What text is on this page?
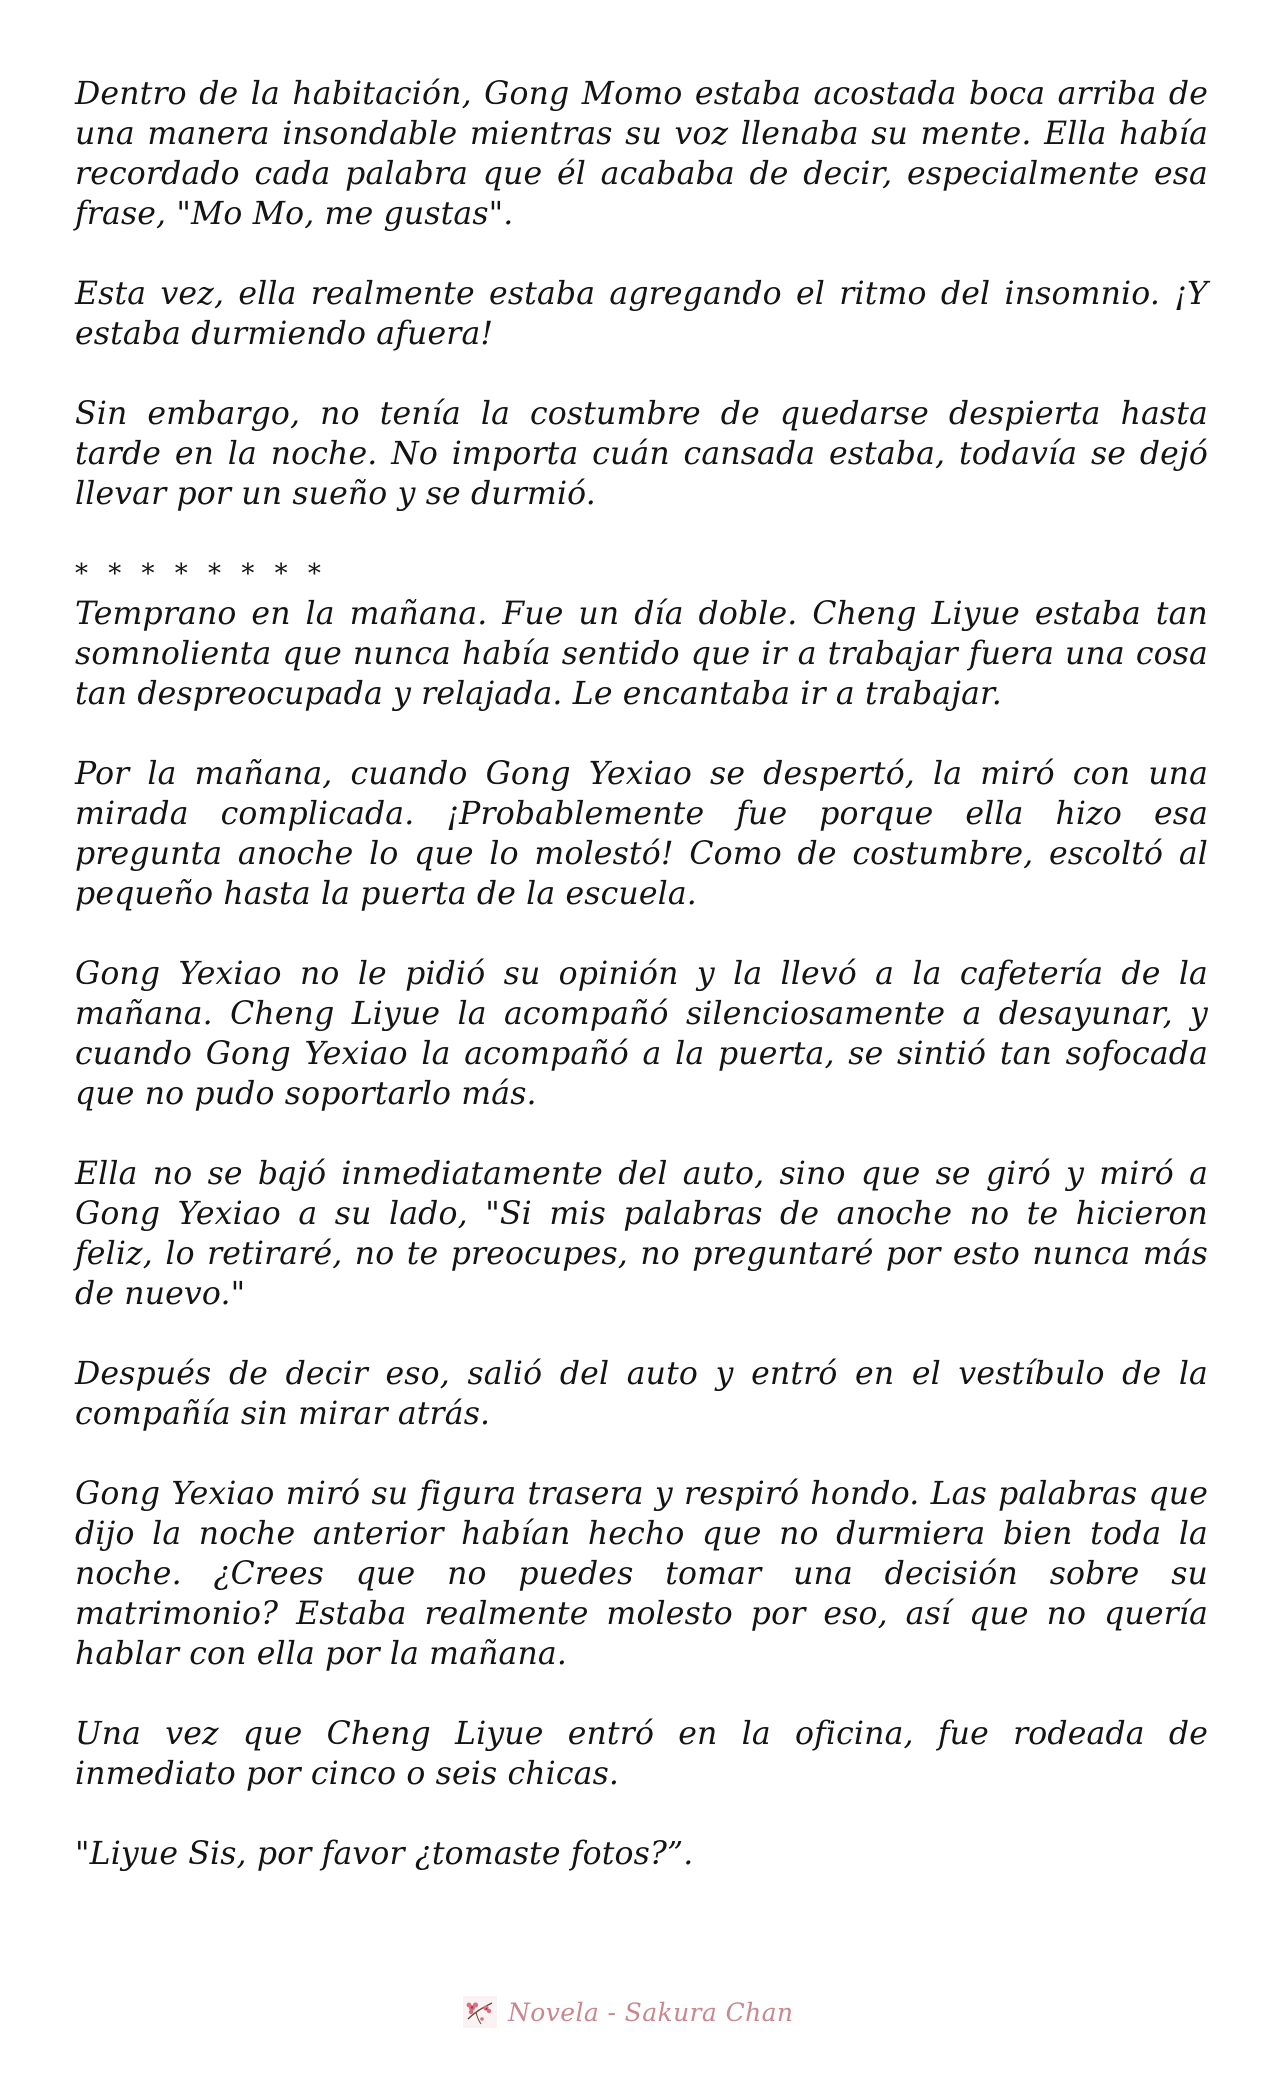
Dentro de la habitación, Gong Momo estaba acostada boca arriba de una manera insondable mientras su voz llenaba su mente. Ella había recordado cada palabra que él acababa de decir, especialmente esa frase, "Mo Mo, me gustas".

Esta vez, ella realmente estaba agregando el ritmo del insomnio. ¡Y estaba durmiendo afuera!

Sin embargo, no tenía la costumbre de quedarse despierta hasta tarde en la noche. No importa cuán cansada estaba, todavía se dejó llevar por un sueño y se durmió.

* * * * * * * *

Temprano en la mañana. Fue un día doble. Cheng Liyue estaba tan somnolienta que nunca había sentido que ir a trabajar fuera una cosa tan despreocupada y relajada. Le encantaba ir a trabajar.

Por la mañana, cuando Gong Yexiao se despertó, la miró con una mirada complicada. ¡Probablemente fue porque ella hizo esa pregunta anoche lo que lo molestó! Como de costumbre, escoltó al pequeño hasta la puerta de la escuela.

Gong Yexiao no le pidió su opinión y la llevó a la cafetería de la mañana. Cheng Liyue la acompañó silenciosamente a desayunar, y cuando Gong Yexiao la acompañó a la puerta, se sintió tan sofocada que no pudo soportarlo más.

Ella no se bajó inmediatamente del auto, sino que se giró y miró a Gong Yexiao a su lado, "Si mis palabras de anoche no te hicieron feliz, lo retiraré, no te preocupes, no preguntaré por esto nunca más de nuevo."

Después de decir eso, salió del auto y entró en el vestíbulo de la compañía sin mirar atrás.

Gong Yexiao miró su figura trasera y respiró hondo. Las palabras que dijo la noche anterior habían hecho que no durmiera bien toda la noche. ¿Crees que no puedes tomar una decisión sobre su matrimonio? Estaba realmente molesto por eso, así que no quería hablar con ella por la mañana.

Una vez que Cheng Liyue entró en la oficina, fue rodeada de inmediato por cinco o seis chicas.

"Liyue Sis, por favor ¿tomaste fotos?”.

Novela - Sakura Chan
